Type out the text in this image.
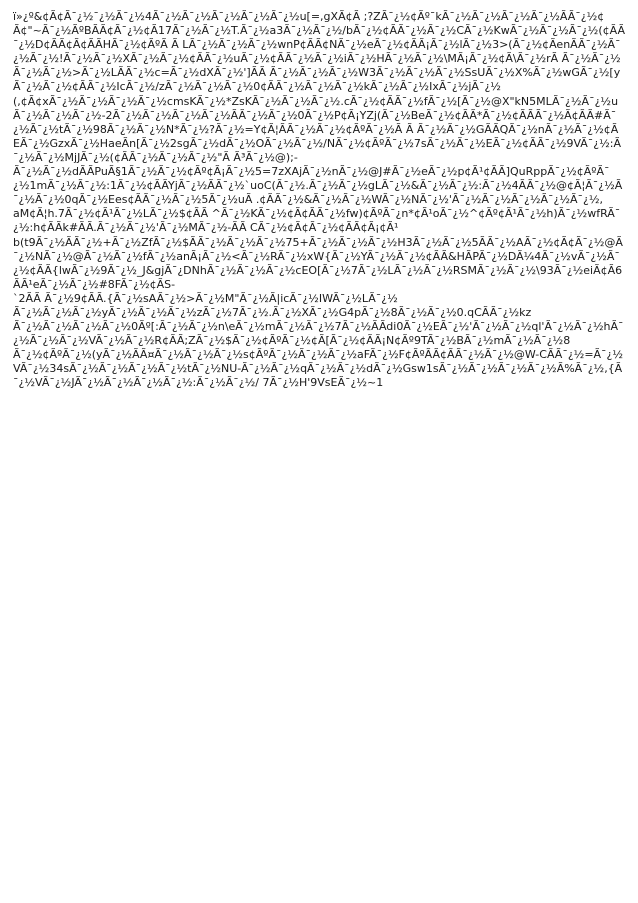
ï»¿º&¢Ã¢Ã¯¿½¯¿½Ã¯¿½4Ã¯¿½Ã¯¿½Ã¯¿½Ã¯¿½Ã¯¿½u[=,gXÃ¢Ã ;?ZÃ¯¿½¢Ãº¯kÃ¯¿½Ã¯¿½Ã¯¿½Ã¯¿½ÃÃ¯¿½¢Ã¢"~Ã¯¿½ÃºBÃÃ¢Ã¯¿½¢Ã17Ã¯¿½Ã¯¿½T.Ã¯¿½a3Ã¯¿½Ã¯¿½/bÃ¯¿½¢ÃÃ¯¿½Ã¯¿½CÃ¯¿½KwÃ¯¿½Ã¯¿½Ã¯¿½(¢ÃÃ¯¿½D¢ÃÃ¢Ã¢ÃÃHÃ¯¿½¢ÃºÃ Ã LÃ¯¿½Ã¯¿½Ã¯¿½wnP¢ÃÃ¢NÃ¯¿½eÃ¯¿½¢ÃÃ¡Ã¯¿½lÃ¯¿½3>(Ã¯¿½¢ÃenÃÃ¯¿½Ã¯¿½Ã¯¿½!Ã¯¿½Ã¯¿½XÃ¯¿½Ã¯¿½¢ÃÃ¯¿½uÃ¯¿½¢ÃÃ¯¿½Ã¯¿½iÃ¯¿½HÃ¯¿½Ã¯¿½\MÃ¡Ã¯¿½¢Ã\Ã¯¿½rÃ Ã¯¿½Ã¯¿½Ã¯¿½Ã¯¿½>Ã¯¿½LÃÃ¯¿½c=Ã¯¿½dXÃ¯¿½']ÃÃ Ã¯¿½Ã¯¿½Ã¯¿½W3Ã¯¿½Ã¯¿½Ã¯¿½SsUÃ¯¿½X%Ã¯¿½wGÃ¯¿½[yÃ¯¿½Ã¯¿½¢ÃÃ¯¿½IcÃ¯¿½/zÃ¯¿½Ã¯¿½Ã¯¿½0¢ÃÃ¯¿½Ã¯¿½Ã¯¿½kÃ¯¿½Ã¯¿½IxÃ¯¿½jÃ¯¿½
(,¢Ã¢xÃ¯¿½Ã¯¿½Ã¯¿½Ã¯¿½cmsKÃ¯¿½*ZsKÃ¯¿½Ã¯¿½Ã¯¿½.cÃ¯¿½¢ÃÃ¯¿½fÃ¯¿½[Ã¯¿½@X"kN5MLÃ¯¿½Ã¯¿½uÃ¯¿½Ã¯¿½Ã¯¿½-2Ã¯¿½Ã¯¿½Ã¯¿½Ã¯¿½ÃÃ¯¿½Ã¯¿½0Ã¯¿½P¢Ã¡YZj(Ã¯¿½BeÃ¯¿½¢ÃÃ*Ã¯¿½¢ÃÃÃ¯¿½Ã¢ÃÃ#Ã¯¿½Ã¯¿½tÃ¯¿½98Ã¯¿½Ã¯¿½N*Ã¯¿½?Ã¯¿½=Y¢Ã¦ÃÃ¯¿½Ã¯¿½¢ÃºÃ¯¿½Ã Ã Ã¯¿½Ã¯¿½GÃÃQÃ¯¿½nÃ¯¿½Ã¯¿½¢ÃEÃ¯¿½GzxÃ¯¿½HaeÃn[Ã¯¿½2sgÃ¯¿½dÃ¯¿½OÃ¯¿½Ã¯¿½/NÃ¯¿½¢ÃºÃ¯¿½7sÃ¯¿½Ã¯¿½EÃ¯¿½¢ÃÃ¯¿½9VÃ¯¿½:Ã¯¿½Ã¯¿½MjJÃ¯¿½(¢ÃÃ¯¿½Ã¯¿½Ã¯¿½"Ã Ã³Ã¯¿½@);-
Ã¯¿½Ã¯¿½dÃÃPuÃ§1Ã¯¿½Ã¯¿½¢Ãº¢Ã¡Ã¯¿½5=7zXAjÃ¯¿½nÃ¯¿½@J#Ã¯¿½eÃ¯¿½p¢Ã¹¢ÃÃ]QuRppÃ¯¿½¢ÃºÃ¯¿½1mÃ¯¿½Ã¯¿½:1Ã¯¿½¢ÃÃYjÃ¯¿½ÃÃ¯¿½`uoC(Ã¯¿½.Ã¯¿½Ã¯¿½gLÃ¯¿½&Ã¯¿½Ã¯¿½:Ã¯¿½4ÃÃ¯¿½@¢Ã¦Ã¯¿½Ã¯¿½Ã¯¿½0qÃ¯¿½Ees¢ÃÃ¯¿½Ã¯¿½5Ã¯¿½uÃ .¢ÃÃ¯¿½&Ã¯¿½Ã¯¿½WÃ¯¿½NÃ¯¿½'Ã¯¿½Ã¯¿½Ã¯¿½Ã¯¿½Ã¯¿½,
aM¢Ã¦h.7Ã¯¿½¢Ã¹Ã¯¿½LÃ¯¿½$¢ÃÃ ^Ã¯¿½KÃ¯¿½¢Ã¢ÃÃ¯¿½fw)¢ÃºÃ¯¿n*¢Ã¹oÃ¯¿½^¢Ãº¢Ã¹Ã¯¿½h)Ã¯¿½wfRÃ¯¿½:h¢ÃÃk#ÃÃ.Ã¯¿½Ã¯¿½'Ã¯¿½MÃ¯¿½-ÃÃ CÃ¯¿½¢Ã¢Ã¯¿½¢ÃÃ¢Ã¡¢Ã¹
b(t9Ã¯¿½ÃÃ¯¿½+Ã¯¿½ZfÃ¯¿½$ÃÃ¯¿½Ã¯¿½Ã¯¿½75+Ã¯¿½Ã¯¿½Ã¯¿½H3Ã¯¿½Ã¯¿½5ÃÃ¯¿½AÃ¯¿½¢Ã¢Ã¯¿½@Ã¯¿½NÃ¯¿½@Ã¯¿½Ã¯¿½fÃ¯¿½anÃ¡Ã¯¿½<Ã¯¿½RÃ¯¿½xW{Ã¯¿½YÃ¯¿½Ã¯¿½¢ÃÃ&HÃPÃ¯¿½DÃ¼4Ã¯¿½vÃ¯¿½Ã¯¿½¢ÃÃ{lwÃ¯¿½9Ã¯¿½_J&gjÃ¯¿DNhÃ¯¿½Ã¯¿½Ã¯¿½cEO[Ã¯¿½7Ã¯¿½LÃ¯¿½Ã¯¿½RSMÃ¯¿½Ã¯¿½\93Ã¯¿½eiÃ¢Ã6ÃÃ¹eÃ¯¿½Ã¯¿½#8FÃ¯¿½¢ÃS-
`2ÃÃ Ã¯¿½9¢ÃÃ.{Ã¯¿½sAÃ¯¿½>Ã¯¿½M"Ã¯¿½Ã|icÃ¯¿½IWÃ¯¿½LÃ¯¿½
Ã¯¿½Ã¯¿½Ã¯¿½yÃ¯¿½Ã¯¿½Ã¯¿½zÃ¯¿½7Ã¯¿½.Ã¯¿½XÃ¯¿½G4pÃ¯¿½8Ã¯¿½Ã¯¿½0.qCÃÃ¯¿½kz
Ã¯¿½Ã¯¿½Ã¯¿½Ã¯¿½0Ãº[:Ã¯¿½Ã¯¿½n\eÃ¯¿½mÃ¯¿½Ã¯¿½7Ã¯¿½ÃÃdi0Ã¯¿½EÃ¯¿½'Ã¯¿½Ã¯¿½ql'Ã¯¿½Ã¯¿½hÃ¯¿½Ã¯¿½Ã¯¿½VÃ¯¿½Ã¯¿½R¢ÃÃ;ZÃ¯¿½$Ã¯¿½¢ÃºÃ¯¿½¢Ã[Ã¯¿½¢ÃÃ¡N¢Ãº9TÃ¯¿½BÃ¯¿½mÃ¯¿½Ã¯¿½8
Ã¯¿½¢ÃºÃ¯¿½(yÃ¯¿½ÃÃ¤Ã¯¿½Ã¯¿½Ã¯¿½s¢ÃºÃ¯¿½Ã¯¿½Ã¯¿½aFÃ¯¿½F¢ÃºÃÃ¢ÃÃ¯¿½Ã¯¿½@W-CÃÃ¯¿½=Ã¯¿½VÃ¯¿½34sÃ¯¿½Ã¯¿½Ã¯¿½Ã¯¿½tÃ¯¿½NU-Ã¯¿½Ã¯¿½qÃ¯¿½Ã¯¿½dÃ¯¿½Gsw1sÃ¯¿½Ã¯¿½Ã¯¿½Ã¯¿½Ã%Ã¯¿½,{Ã¯¿½VÃ¯¿½JÃ¯¿½Ã¯¿½Ã¯¿½Ã¯¿½:Ã¯¿½Ã¯¿½/ 7Ã¯¿½H'9VsEÃ¯¿½~1
